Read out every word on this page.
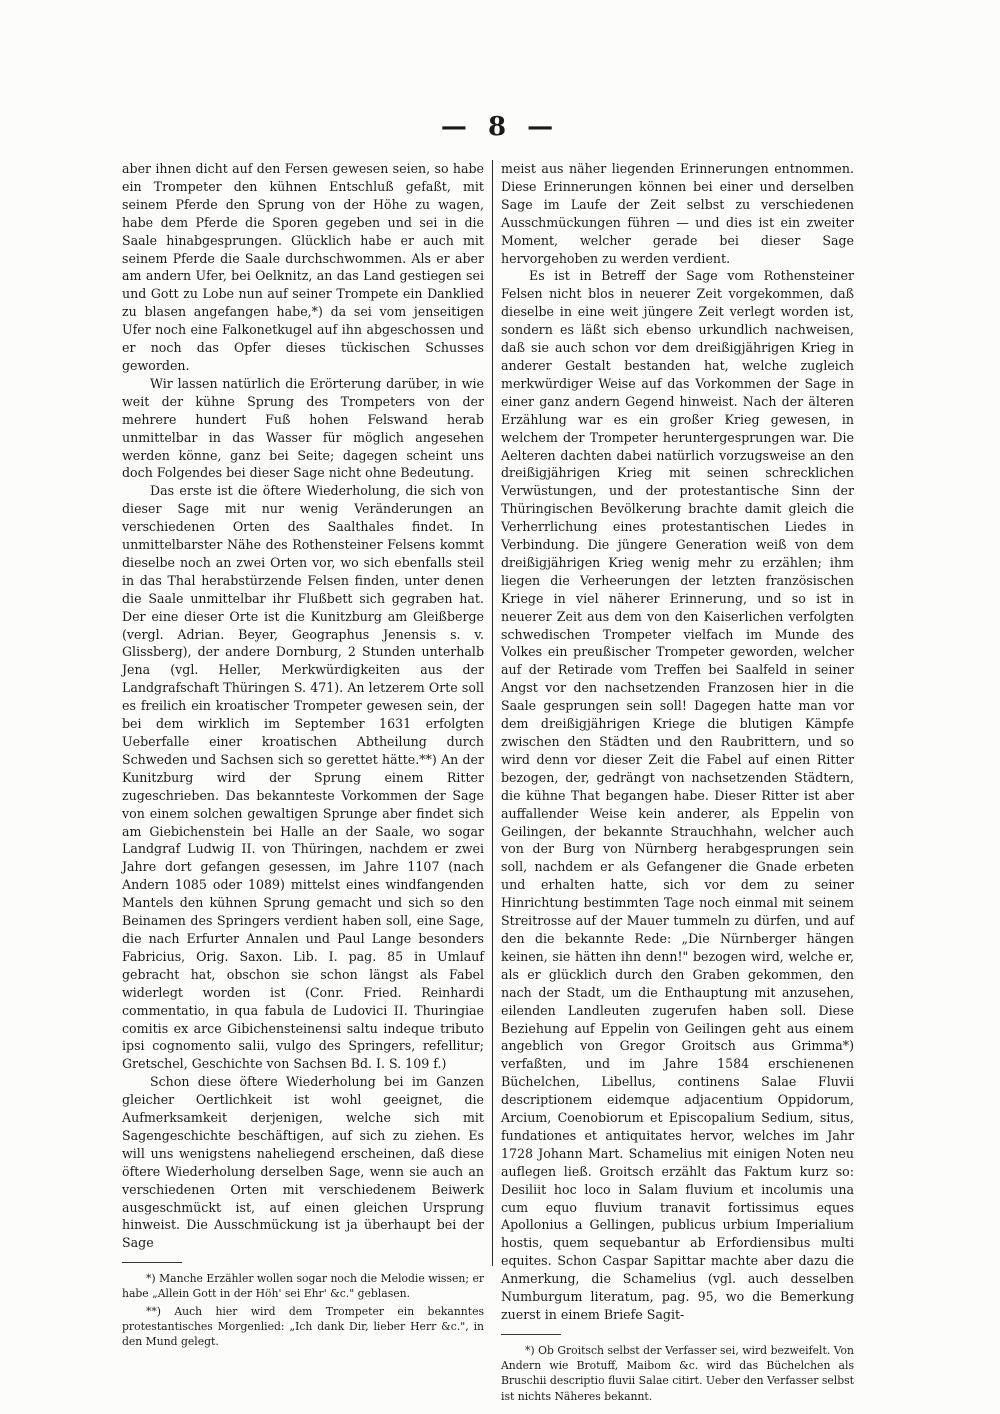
— 8 —

aber ihnen dicht auf den Fersen gewesen seien, so habe ein Trompeter den kühnen Entschluß gefaßt, mit seinem Pferde den Sprung von der Höhe zu wagen, habe dem Pferde die Sporen gegeben und sei in die Saale hinabgesprungen. Glücklich habe er auch mit seinem Pferde die Saale durchschwommen. Als er aber am andern Ufer, bei Oelknitz, an das Land gestiegen sei und Gott zu Lobe nun auf seiner Trompete ein Danklied zu blasen angefangen habe,*) da sei vom jenseitigen Ufer noch eine Falkonetkugel auf ihn abgeschossen und er noch das Opfer dieses tückischen Schusses geworden.

Wir lassen natürlich die Erörterung darüber, in wie weit der kühne Sprung des Trompeters von der mehrere hundert Fuß hohen Felswand herab unmittelbar in das Wasser für möglich angesehen werden könne, ganz bei Seite; dagegen scheint uns doch Folgendes bei dieser Sage nicht ohne Bedeutung.

Das erste ist die öftere Wiederholung, die sich von dieser Sage mit nur wenig Veränderungen an verschiedenen Orten des Saalthales findet. In unmittelbarster Nähe des Rothensteiner Felsens kommt dieselbe noch an zwei Orten vor, wo sich ebenfalls steil in das Thal herabstürzende Felsen finden, unter denen die Saale unmittelbar ihr Flußbett sich gegraben hat. Der eine dieser Orte ist die Kunitzburg am Gleißberge (vergl. Adrian. Beyer, Geographus Jenensis s. v. Glissberg), der andere Dornburg, 2 Stunden unterhalb Jena (vgl. Heller, Merkwürdigkeiten aus der Landgrafschaft Thüringen S. 471). An letzerem Orte soll es freilich ein kroatischer Trompeter gewesen sein, der bei dem wirklich im September 1631 erfolgten Ueberfalle einer kroatischen Abtheilung durch Schweden und Sachsen sich so gerettet hätte.**) An der Kunitzburg wird der Sprung einem Ritter zugeschrieben. Das bekannteste Vorkommen der Sage von einem solchen gewaltigen Sprunge aber findet sich am Giebichenstein bei Halle an der Saale, wo sogar Landgraf Ludwig II. von Thüringen, nachdem er zwei Jahre dort gefangen gesessen, im Jahre 1107 (nach Andern 1085 oder 1089) mittelst eines windfangenden Mantels den kühnen Sprung gemacht und sich so den Beinamen des Springers verdient haben soll, eine Sage, die nach Erfurter Annalen und Paul Lange besonders Fabricius, Orig. Saxon. Lib. I. pag. 85 in Umlauf gebracht hat, obschon sie schon längst als Fabel widerlegt worden ist (Conr. Fried. Reinhardi commentatio, in qua fabula de Ludovici II. Thuringiae comitis ex arce Gibichensteinensi saltu indeque tributo ipsi cognomento salii, vulgo des Springers, refellitur; Gretschel, Geschichte von Sachsen Bd. I. S. 109 f.)

Schon diese öftere Wiederholung bei im Ganzen gleicher Oertlichkeit ist wohl geeignet, die Aufmerksamkeit derjenigen, welche sich mit Sagengeschichte beschäftigen, auf sich zu ziehen. Es will uns wenigstens naheliegend erscheinen, daß diese öftere Wiederholung derselben Sage, wenn sie auch an verschiedenen Orten mit verschiedenem Beiwerk ausgeschmückt ist, auf einen gleichen Ursprung hinweist. Die Ausschmückung ist ja überhaupt bei der Sage

*) Manche Erzähler wollen sogar noch die Melodie wissen; er habe „Allein Gott in der Höh' sei Ehr' &c." geblasen.

**) Auch hier wird dem Trompeter ein bekanntes protestantisches Morgenlied: „Ich dank Dir, lieber Herr &c.", in den Mund gelegt.

meist aus näher liegenden Erinnerungen entnommen. Diese Erinnerungen können bei einer und derselben Sage im Laufe der Zeit selbst zu verschiedenen Ausschmückungen führen — und dies ist ein zweiter Moment, welcher gerade bei dieser Sage hervorgehoben zu werden verdient.

Es ist in Betreff der Sage vom Rothensteiner Felsen nicht blos in neuerer Zeit vorgekommen, daß dieselbe in eine weit jüngere Zeit verlegt worden ist, sondern es läßt sich ebenso urkundlich nachweisen, daß sie auch schon vor dem dreißigjährigen Krieg in anderer Gestalt bestanden hat, welche zugleich merkwürdiger Weise auf das Vorkommen der Sage in einer ganz andern Gegend hinweist. Nach der älteren Erzählung war es ein großer Krieg gewesen, in welchem der Trompeter heruntergesprungen war. Die Aelteren dachten dabei natürlich vorzugsweise an den dreißigjährigen Krieg mit seinen schrecklichen Verwüstungen, und der protestantische Sinn der Thüringischen Bevölkerung brachte damit gleich die Verherrlichung eines protestantischen Liedes in Verbindung. Die jüngere Generation weiß von dem dreißigjährigen Krieg wenig mehr zu erzählen; ihm liegen die Verheerungen der letzten französischen Kriege in viel näherer Erinnerung, und so ist in neuerer Zeit aus dem von den Kaiserlichen verfolgten schwedischen Trompeter vielfach im Munde des Volkes ein preußischer Trompeter geworden, welcher auf der Retirade vom Treffen bei Saalfeld in seiner Angst vor den nachsetzenden Franzosen hier in die Saale gesprungen sein soll! Dagegen hatte man vor dem dreißigjährigen Kriege die blutigen Kämpfe zwischen den Städten und den Raubrittern, und so wird denn vor dieser Zeit die Fabel auf einen Ritter bezogen, der, gedrängt von nachsetzenden Städtern, die kühne That begangen habe. Dieser Ritter ist aber auffallender Weise kein anderer, als Eppelin von Geilingen, der bekannte Strauchhahn, welcher auch von der Burg von Nürnberg herabgesprungen sein soll, nachdem er als Gefangener die Gnade erbeten und erhalten hatte, sich vor dem zu seiner Hinrichtung bestimmten Tage noch einmal mit seinem Streitrosse auf der Mauer tummeln zu dürfen, und auf den die bekannte Rede: „Die Nürnberger hängen keinen, sie hätten ihn denn!" bezogen wird, welche er, als er glücklich durch den Graben gekommen, den nach der Stadt, um die Enthauptung mit anzusehen, eilenden Landleuten zugerufen haben soll. Diese Beziehung auf Eppelin von Geilingen geht aus einem angeblich von Gregor Groitsch aus Grimma*) verfaßten, und im Jahre 1584 erschienenen Büchelchen, Libellus, continens Salae Fluvii descriptionem eidemque adjacentium Oppidorum, Arcium, Coenobiorum et Episcopalium Sedium, situs, fundationes et antiquitates hervor, welches im Jahr 1728 Johann Mart. Schamelius mit einigen Noten neu auflegen ließ. Groitsch erzählt das Faktum kurz so: Desiliit hoc loco in Salam fluvium et incolumis una cum equo fluvium tranavit fortissimus eques Apollonius a Gellingen, publicus urbium Imperialium hostis, quem sequebantur ab Erfordiensibus multi equites. Schon Caspar Sapittar machte aber dazu die Anmerkung, die Schamelius (vgl. auch desselben Numburgum literatum, pag. 95, wo die Bemerkung zuerst in einem Briefe Sagit-

*) Ob Groitsch selbst der Verfasser sei, wird bezweifelt. Von Andern wie Brotuff, Maibom &c. wird das Büchelchen als Bruschii descriptio fluvii Salae citirt. Ueber den Verfasser selbst ist nichts Näheres bekannt.
